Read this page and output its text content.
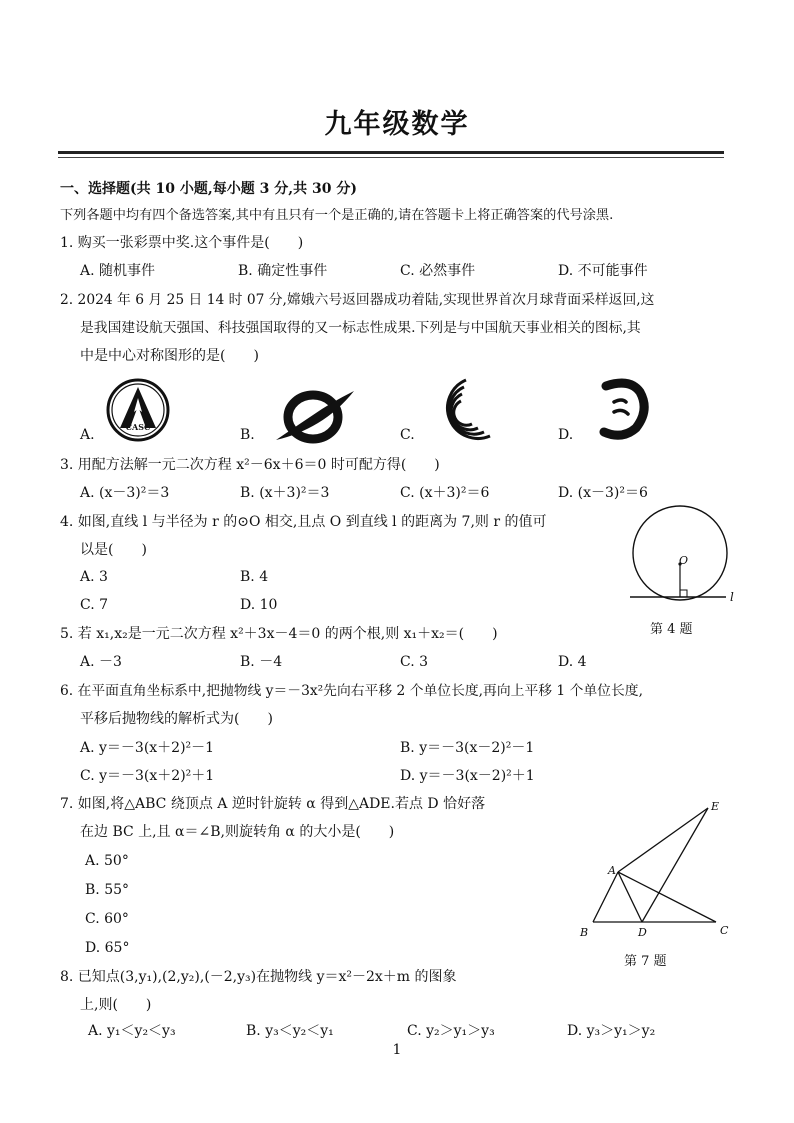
九年级数学
一、选择题(共 10 小题,每小题 3 分,共 30 分)
下列各题中均有四个备选答案,其中有且只有一个是正确的,请在答题卡上将正确答案的代号涂黑.
1. 购买一张彩票中奖.这个事件是(　　)
A. 随机事件	B. 确定性事件	C. 必然事件	D. 不可能事件
2. 2024 年 6 月 25 日 14 时 07 分,嫦娥六号返回器成功着陆,实现世界首次月球背面采样返回,这
是我国建设航天强国、科技强国取得的又一标志性成果.下列是与中国航天事业相关的图标,其
中是中心对称图形的是(　　)
A.	B.	C.	D.
CASC
3. 用配方法解一元二次方程 x²－6x＋6＝0 时可配方得(　　)
A. (x－3)²＝3	B. (x＋3)²＝3	C. (x＋3)²＝6	D. (x－3)²＝6
4. 如图,直线 l 与半径为 r 的⊙O 相交,且点 O 到直线 l 的距离为 7,则 r 的值可
以是(　　)
A. 3	B. 4
C. 7	D. 10
O
l
第 4 题
5. 若 x₁,x₂是一元二次方程 x²＋3x－4＝0 的两个根,则 x₁＋x₂＝(　　)
A. －3	B. －4	C. 3	D. 4
6. 在平面直角坐标系中,把抛物线 y＝－3x²先向右平移 2 个单位长度,再向上平移 1 个单位长度,
平移后抛物线的解析式为(　　)
A. y＝－3(x＋2)²－1	B. y＝－3(x－2)²－1
C. y＝－3(x＋2)²＋1	D. y＝－3(x－2)²＋1
7. 如图,将△ABC 绕顶点 A 逆时针旋转 α 得到△ADE.若点 D 恰好落
在边 BC 上,且 α＝∠B,则旋转角 α 的大小是(　　)
A. 50°
B. 55°
C. 60°
D. 65°
A
B	C
D
E
第 7 题
8. 已知点(3,y₁),(2,y₂),(－2,y₃)在抛物线 y＝x²－2x＋m 的图象
上,则(　　)
A. y₁＜y₂＜y₃	B. y₃＜y₂＜y₁	C. y₂＞y₁＞y₃	D. y₃＞y₁＞y₂
1
